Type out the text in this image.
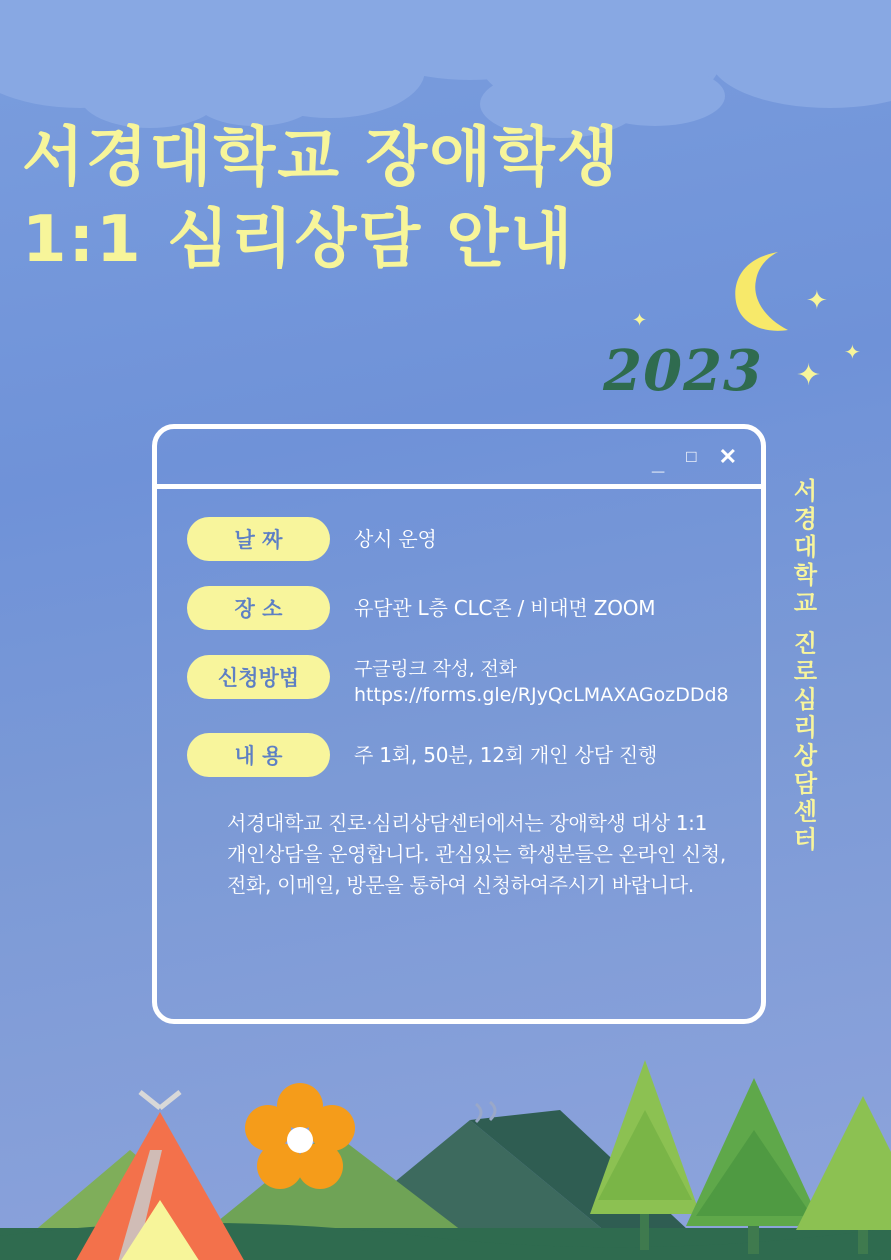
서경대학교 장애학생
1:1 심리상담 안내
✦
✦
✦
✦
2023
서경대학교 진로심리상담센터
_ □ ✕
날 짜	상시 운영
장 소	유담관 L층 CLC존 / 비대면 ZOOM
신청방법	구글링크 작성, 전화
https://forms.gle/RJyQcLMAXAGozDDd8
내 용	주 1회, 50분, 12회 개인 상담 진행
서경대학교 진로·심리상담센터에서는 장애학생 대상 1:1 개인상담을 운영합니다. 관심있는 학생분들은 온라인 신청, 전화, 이메일, 방문을 통하여 신청하여주시기 바랍니다.
